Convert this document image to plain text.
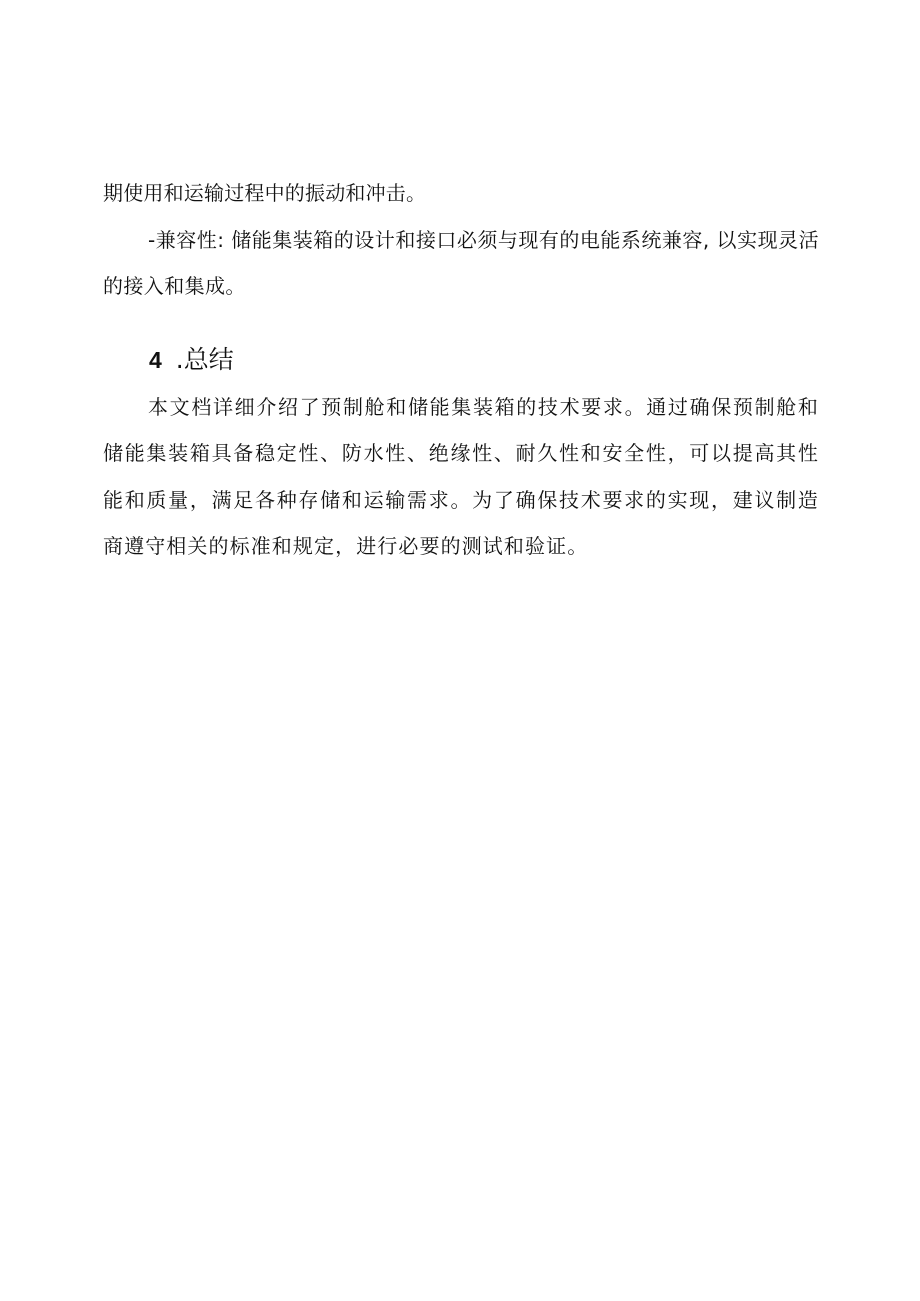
期使用和运输过程中的振动和冲击。

-兼容性: 储能集装箱的设计和接口必须与现有的电能系统兼容, 以实现灵活的接入和集成。

4 .总结

本文档详细介绍了预制舱和储能集装箱的技术要求。通过确保预制舱和储能集装箱具备稳定性、防水性、绝缘性、耐久性和安全性，可以提高其性能和质量，满足各种存储和运输需求。为了确保技术要求的实现，建议制造商遵守相关的标准和规定，进行必要的测试和验证。
